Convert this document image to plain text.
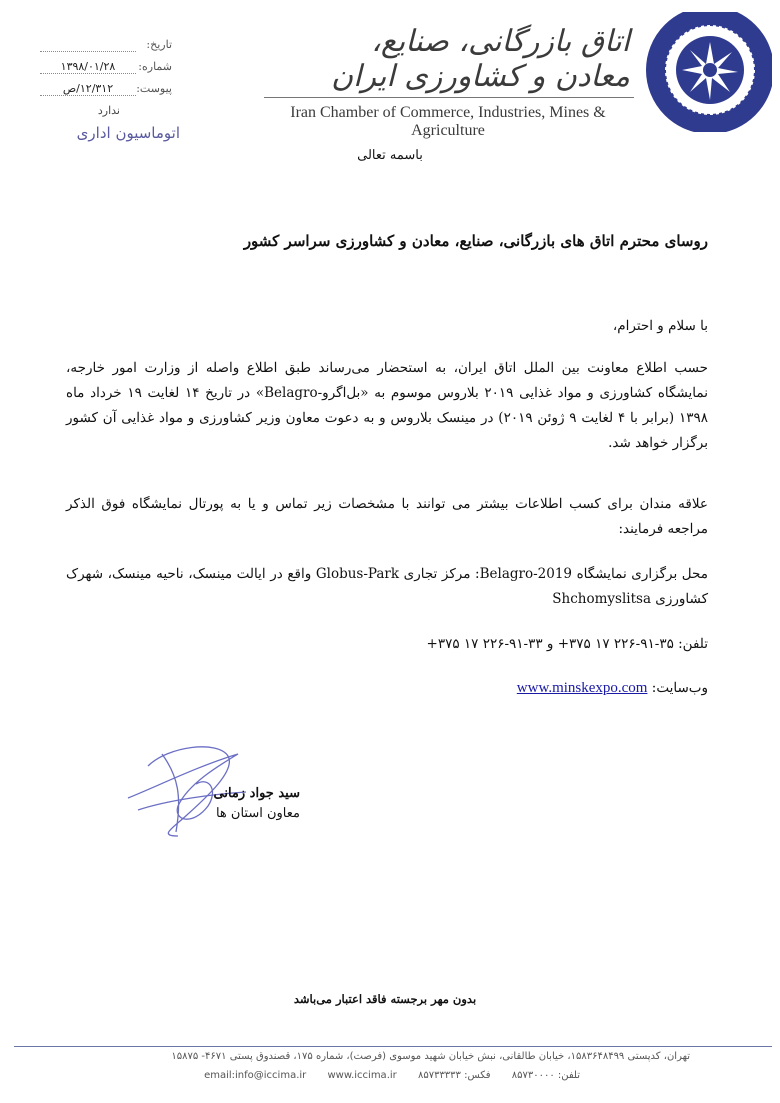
اتاق بازرگانی، صنایع، معادن و کشاورزی ایران
Iran Chamber of Commerce, Industries, Mines & Agriculture
تاریخ:

شماره:
۱۳۹۸/۰۱/۲۸
پیوست:
۱۲/۳۱۲/ص
ندارد
اتوماسیون اداری
باسمه تعالی
روسای محترم اتاق های بازرگانی، صنایع، معادن و کشاورزی سراسر کشور
با سلام و احترام،
حسب اطلاع معاونت بین الملل اتاق ایران، به استحضار می‌رساند طبق اطلاع واصله از وزارت امور خارجه، نمایشگاه کشاورزی و مواد غذایی ۲۰۱۹ بلاروس موسوم به «بل‌اگرو-Belagro» در تاریخ ۱۴ لغایت ۱۹ خرداد ماه ۱۳۹۸ (برابر با ۴ لغایت ۹ ژوئن ۲۰۱۹) در مینسک بلاروس و به دعوت معاون وزیر کشاورزی و مواد غذایی آن کشور برگزار خواهد شد.
علاقه مندان برای کسب اطلاعات بیشتر می توانند با مشخصات زیر تماس و یا به پورتال نمایشگاه فوق الذکر مراجعه فرمایند:
محل برگزاری نمایشگاه Belagro-2019: مرکز تجاری Globus-Park واقع در ایالت مینسک، ناحیه مینسک، شهرک کشاورزی Shchomyslitsa
تلفن: ۳۵-۹۱-۲۲۶ ۱۷ ۳۷۵+ و ۳۳-۹۱-۲۲۶ ۱۷ ۳۷۵+
وب‌سایت: www.minskexpo.com
سید جواد زمانی
معاون استان ها
بدون مهر برجسته فاقد اعتبار می‌باشد
تهران، کدپستی ۱۵۸۳۶۴۸۴۹۹، خیابان طالقانی، نبش خیابان شهید موسوی (فرصت)، شماره ۱۷۵، قصندوق پستی ۴۶۷۱- ۱۵۸۷۵
تلفن: ۸۵۷۳۰۰۰۰ فکس: ۸۵۷۳۳۳۳۳ email:info@iccima.ir www.iccima.ir
